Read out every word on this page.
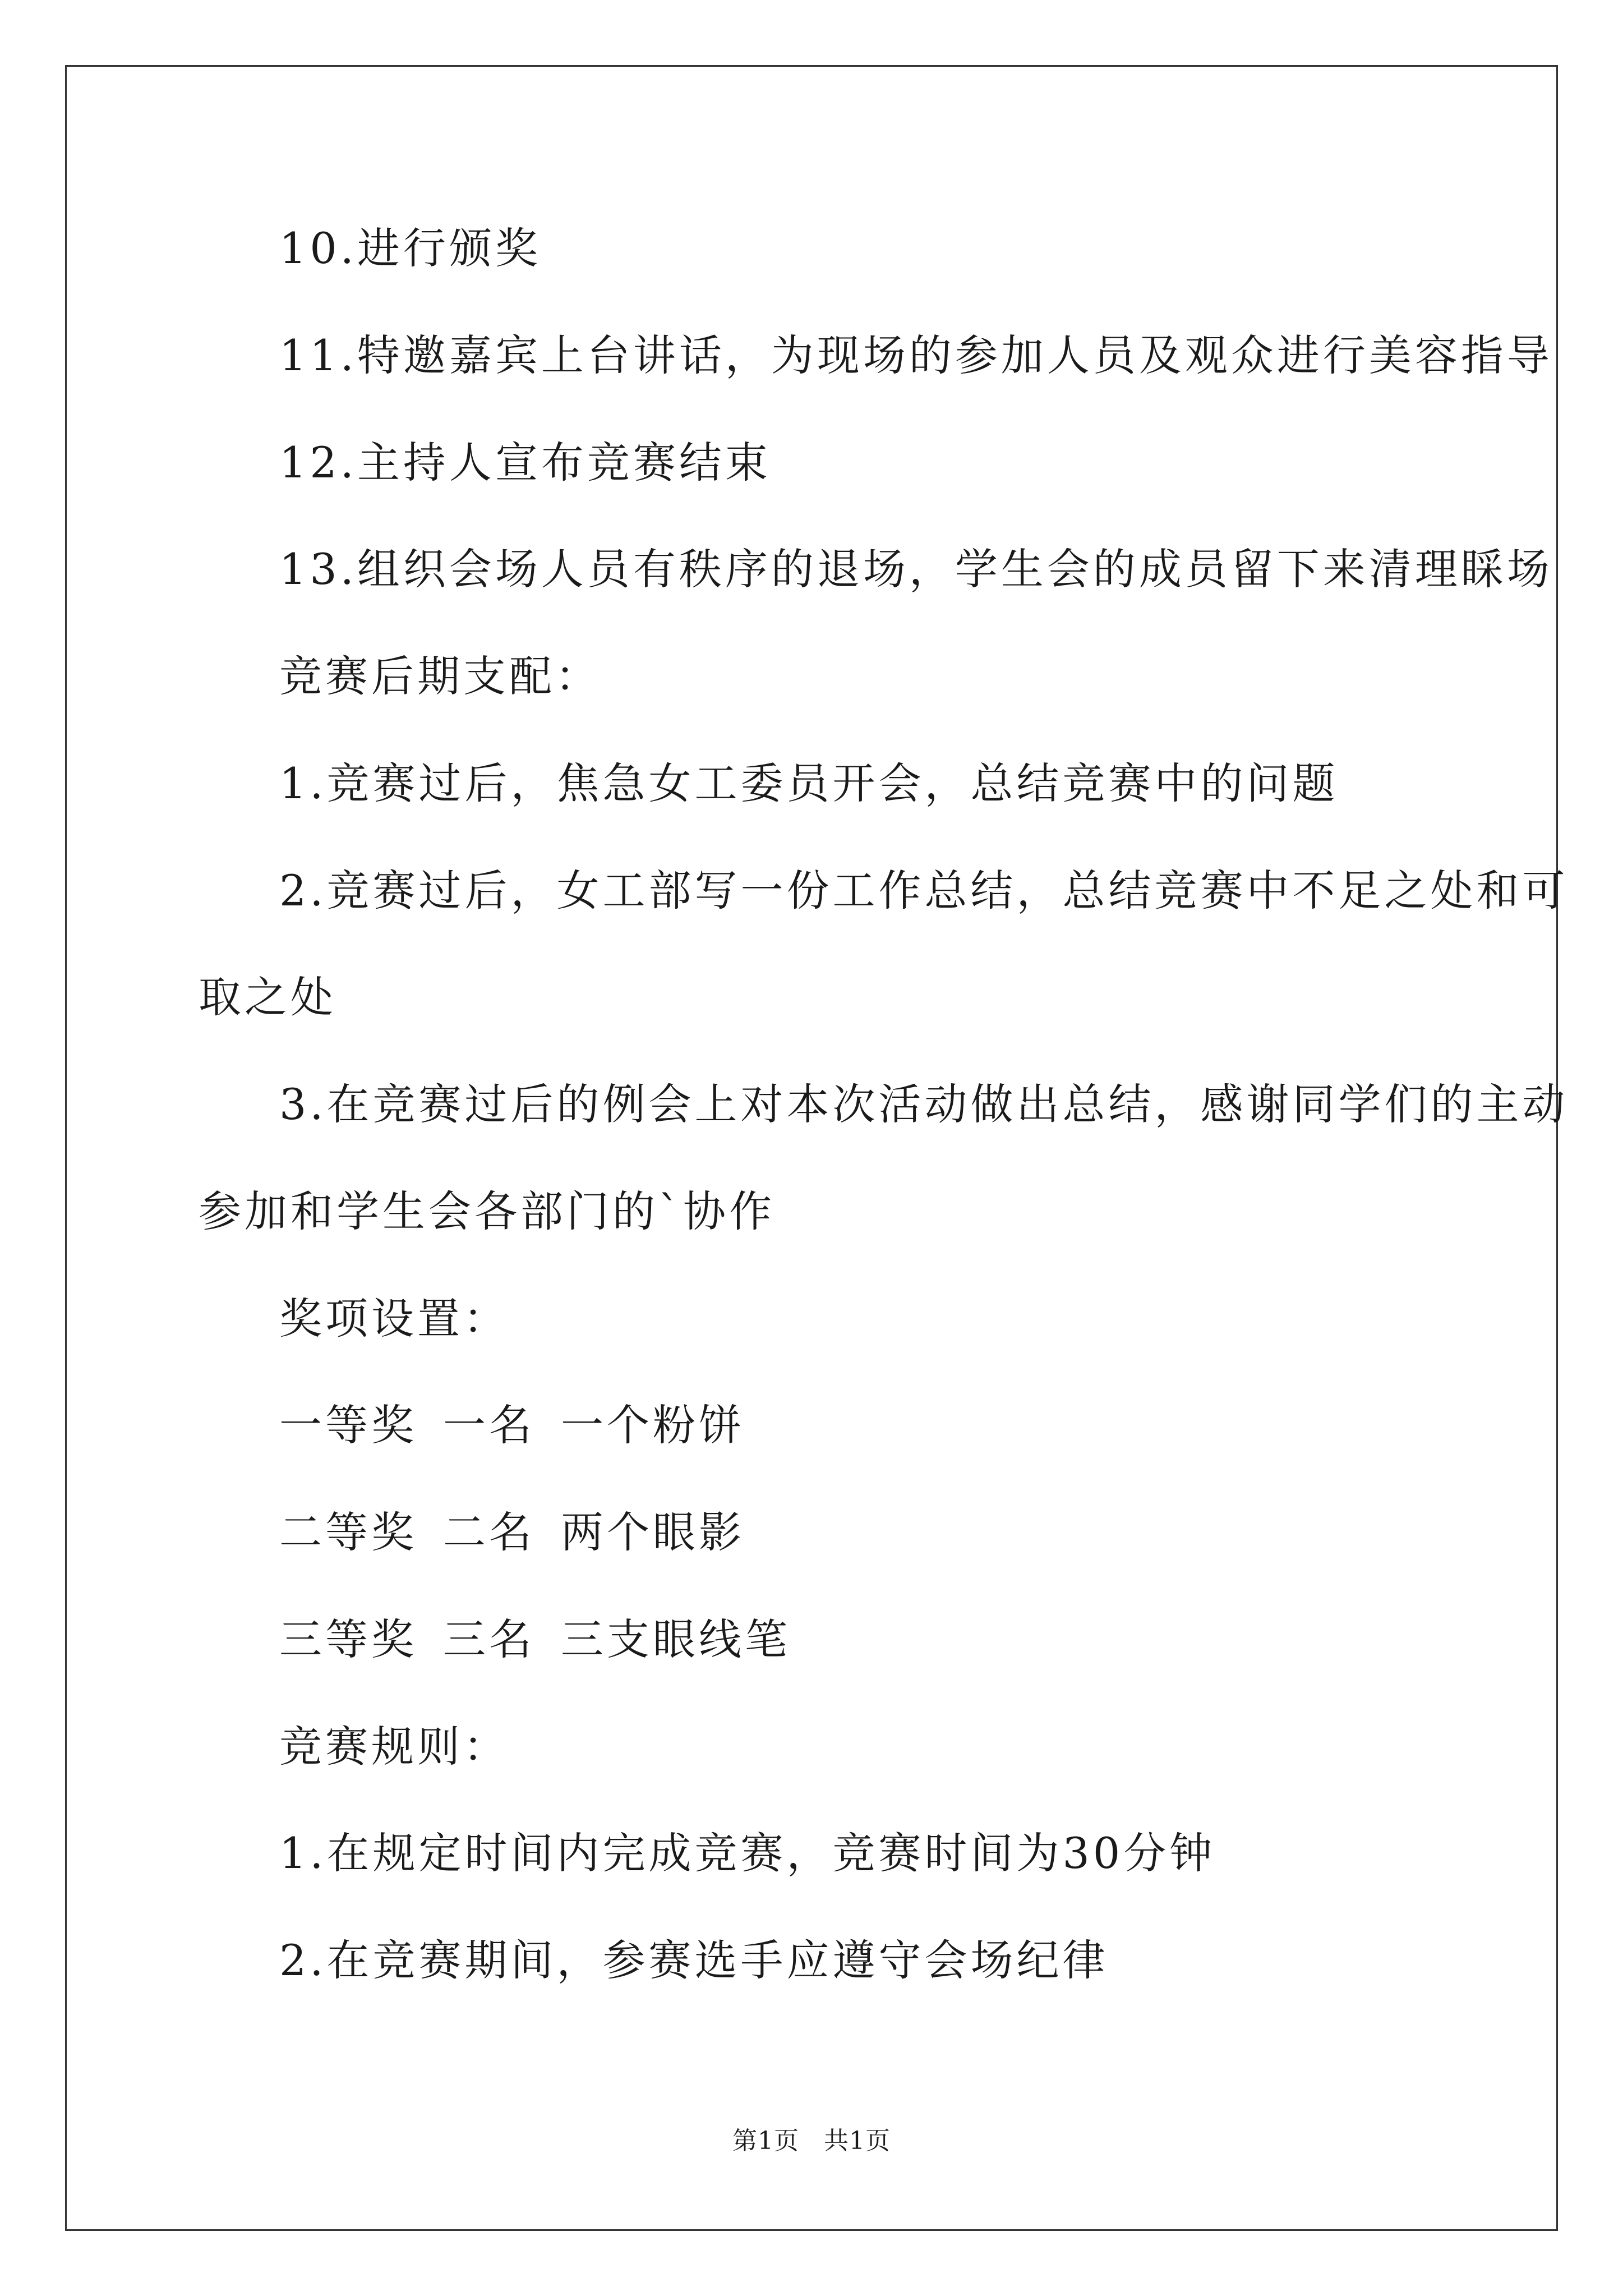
10.进行颁奖
11.特邀嘉宾上台讲话，为现场的参加人员及观众进行美容指导
12.主持人宣布竞赛结束
13.组织会场人员有秩序的退场，学生会的成员留下来清理睬场
竞赛后期支配：
1.竞赛过后，焦急女工委员开会，总结竞赛中的问题
2.竞赛过后，女工部写一份工作总结，总结竞赛中不足之处和可
取之处
3.在竞赛过后的例会上对本次活动做出总结，感谢同学们的主动
参加和学生会各部门的`协作
奖项设置：
一等奖 一名 一个粉饼
二等奖 二名 两个眼影
三等奖 三名 三支眼线笔
竞赛规则：
1.在规定时间内完成竞赛，竞赛时间为30分钟
2.在竞赛期间，参赛选手应遵守会场纪律
第1页 共1页
